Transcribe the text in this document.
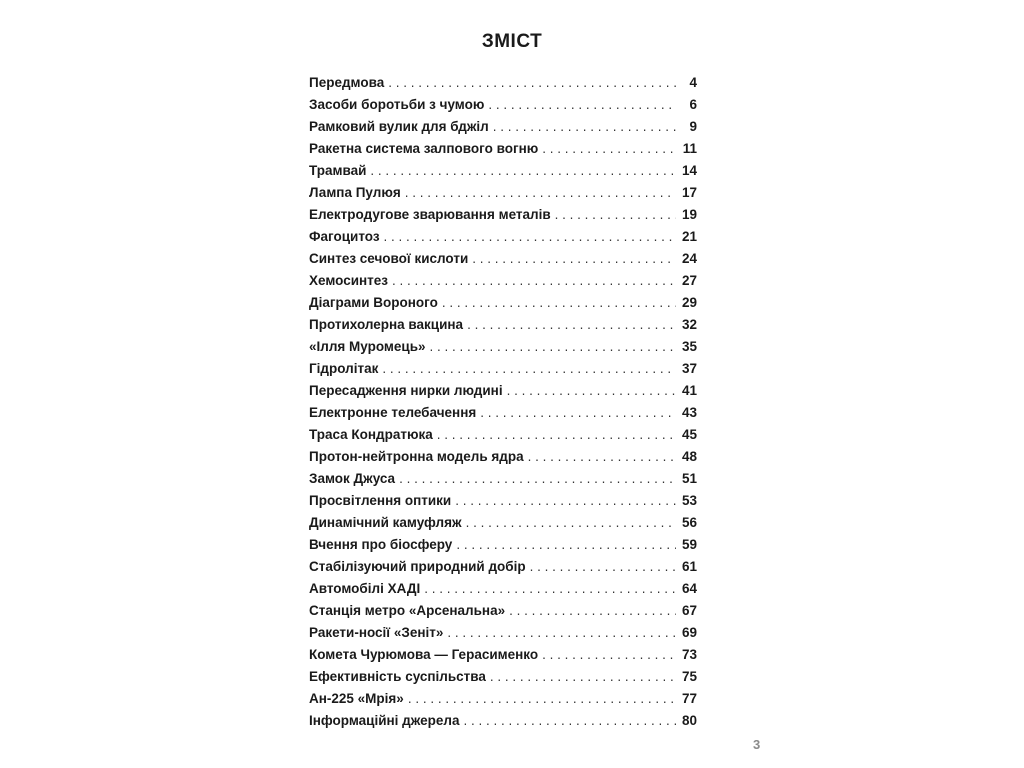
ЗМІСТ
Передмова . . .	4
Засоби боротьби з чумою . . .	6
Рамковий вулик для бджіл . . .	9
Ракетна система залпового вогню . . .	11
Трамвай . . .	14
Лампа Пулюя . . .	17
Електродугове зварювання металів . . .	19
Фагоцитоз . . .	21
Синтез сечової кислоти . . .	24
Хемосинтез . . .	27
Діаграми Вороного . . .	29
Протихолерна вакцина . . .	32
«Ілля Муромець» . . .	35
Гідролітак . . .	37
Пересадження нирки людині . . .	41
Електронне телебачення . . .	43
Траса Кондратюка . . .	45
Протон-нейтронна модель ядра . . .	48
Замок Джуса . . .	51
Просвітлення оптики . . .	53
Динамічний камуфляж . . .	56
Вчення про біосферу . . .	59
Стабілізуючий природний добір . . .	61
Автомобілі ХАДІ . . .	64
Станція метро «Арсенальна» . . .	67
Ракети-носії «Зеніт» . . .	69
Комета Чурюмова — Герасименко . . .	73
Ефективність суспільства . . .	75
Ан-225 «Мрія» . . .	77
Інформаційні джерела . . .	80
3
